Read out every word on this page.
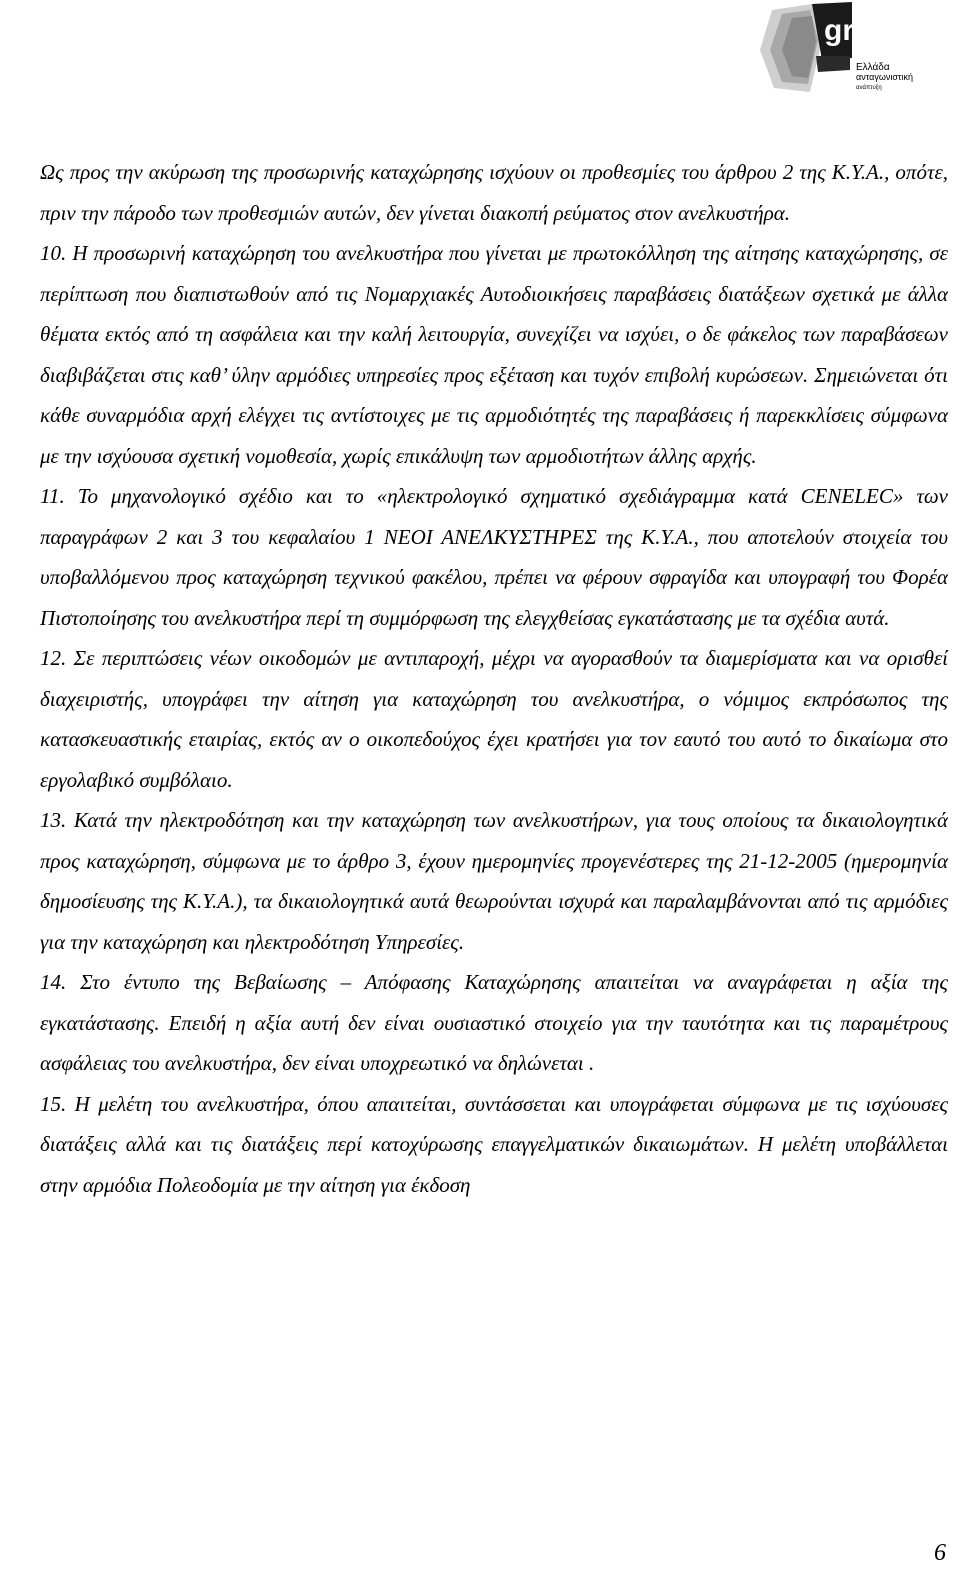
gr
Ελλάδα
ανταγωνιστική
ανάπτυξη

Ως προς την ακύρωση της προσωρινής καταχώρησης ισχύουν οι προθεσμίες του άρθρου 2 της Κ.Υ.Α., οπότε, πριν την πάροδο των προθεσμιών αυτών, δεν γίνεται διακοπή ρεύματος στον ανελκυστήρα.

10. Η προσωρινή καταχώρηση του ανελκυστήρα που γίνεται με πρωτοκόλληση της αίτησης καταχώρησης, σε περίπτωση που διαπιστωθούν από τις Νομαρχιακές Αυτοδιοικήσεις παραβάσεις διατάξεων σχετικά με άλλα θέματα εκτός από τη ασφάλεια και την καλή λειτουργία, συνεχίζει να ισχύει, ο δε φάκελος των παραβάσεων διαβιβάζεται στις καθ’ ύλην αρμόδιες υπηρεσίες προς εξέταση και τυχόν επιβολή κυρώσεων. Σημειώνεται ότι κάθε συναρμόδια αρχή ελέγχει τις αντίστοιχες με τις αρμοδιότητές της παραβάσεις ή παρεκκλίσεις σύμφωνα με την ισχύουσα σχετική νομοθεσία, χωρίς επικάλυψη των αρμοδιοτήτων άλλης αρχής.

11. Το μηχανολογικό σχέδιο και το «ηλεκτρολογικό σχηματικό σχεδιάγραμμα κατά CENELEC» των παραγράφων 2 και 3 του κεφαλαίου 1 ΝΕΟΙ ΑΝΕΛΚΥΣΤΗΡΕΣ της Κ.Υ.Α., που αποτελούν στοιχεία του υποβαλλόμενου προς καταχώρηση τεχνικού φακέλου, πρέπει να φέρουν σφραγίδα και υπογραφή του Φορέα Πιστοποίησης του ανελκυστήρα περί τη συμμόρφωση της ελεγχθείσας εγκατάστασης με τα σχέδια αυτά.

12. Σε περιπτώσεις νέων οικοδομών με αντιπαροχή, μέχρι να αγορασθούν τα διαμερίσματα και να ορισθεί διαχειριστής, υπογράφει την αίτηση για καταχώρηση του ανελκυστήρα, ο νόμιμος εκπρόσωπος της κατασκευαστικής εταιρίας, εκτός αν ο οικοπεδούχος έχει κρατήσει για τον εαυτό του αυτό το δικαίωμα στο εργολαβικό συμβόλαιο.

13. Κατά την ηλεκτροδότηση και την καταχώρηση των ανελκυστήρων, για τους οποίους τα δικαιολογητικά προς καταχώρηση, σύμφωνα με το άρθρο 3, έχουν ημερομηνίες προγενέστερες της 21-12-2005 (ημερομηνία δημοσίευσης της Κ.Υ.Α.), τα δικαιολογητικά αυτά θεωρούνται ισχυρά και παραλαμβάνονται από τις αρμόδιες για την καταχώρηση και ηλεκτροδότηση Υπηρεσίες.

14. Στο έντυπο της Βεβαίωσης – Απόφασης Καταχώρησης απαιτείται να αναγράφεται η αξία της εγκατάστασης. Επειδή η αξία αυτή δεν είναι ουσιαστικό στοιχείο για την ταυτότητα και τις παραμέτρους ασφάλειας του ανελκυστήρα, δεν είναι υποχρεωτικό να δηλώνεται .

15. Η μελέτη του ανελκυστήρα, όπου απαιτείται, συντάσσεται και υπογράφεται σύμφωνα με τις ισχύουσες διατάξεις αλλά και τις διατάξεις περί κατοχύρωσης επαγγελματικών δικαιωμάτων. Η μελέτη υποβάλλεται στην αρμόδια Πολεοδομία με την αίτηση για έκδοση

6
